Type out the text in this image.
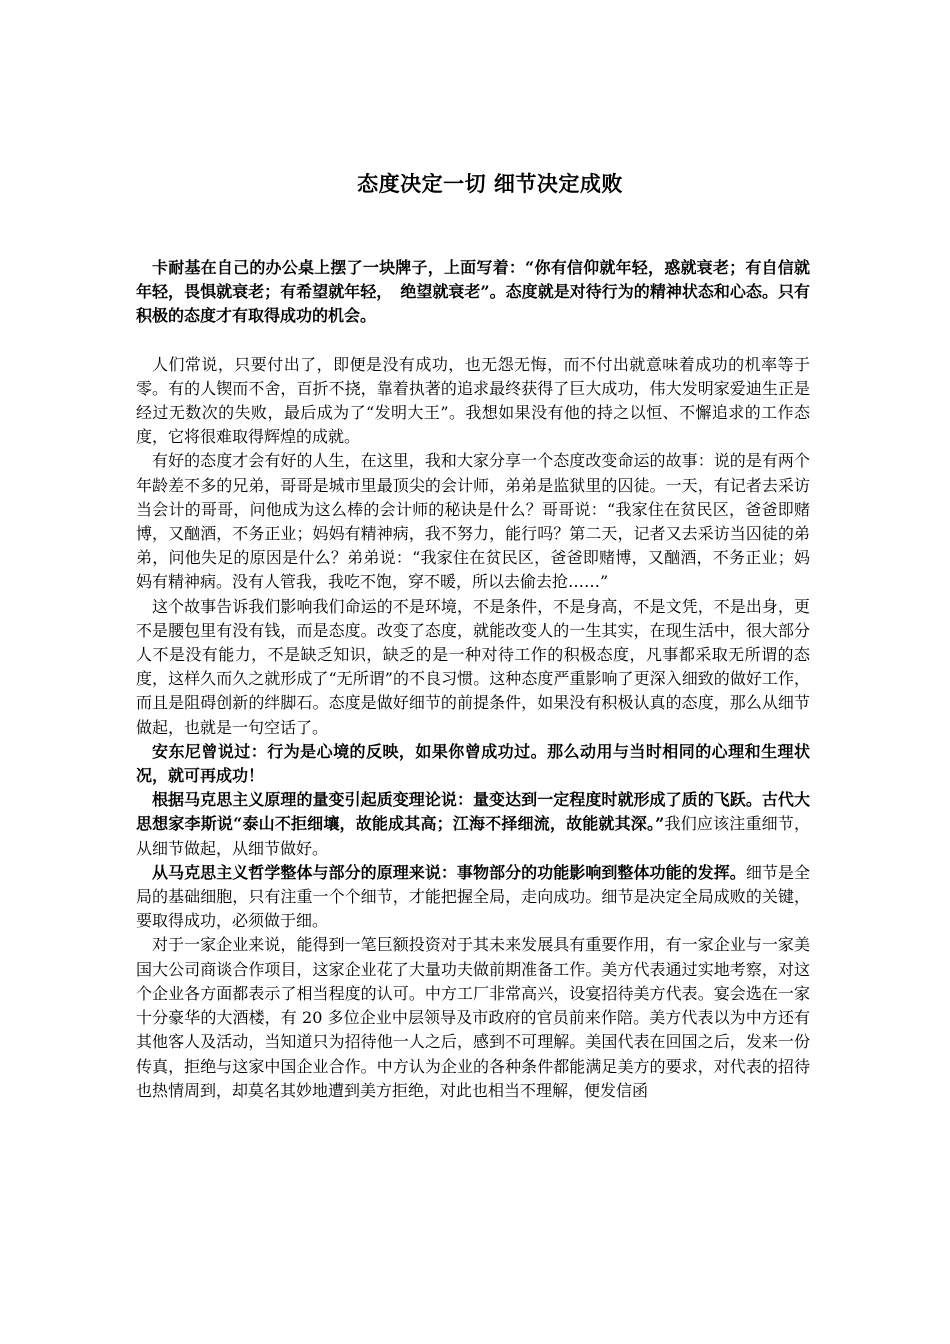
态度决定一切 细节决定成败

卡耐基在自己的办公桌上摆了一块牌子，上面写着：“你有信仰就年轻，惑就衰老；有自信就年轻，畏惧就衰老；有希望就年轻，　绝望就衰老”。态度就是对待行为的精神状态和心态。只有积极的态度才有取得成功的机会。

人们常说，只要付出了，即便是没有成功，也无怨无悔，而不付出就意味着成功的机率等于零。有的人锲而不舍，百折不挠，靠着执著的追求最终获得了巨大成功，伟大发明家爱迪生正是经过无数次的失败，最后成为了“发明大王”。我想如果没有他的持之以恒、不懈追求的工作态度，它将很难取得辉煌的成就。

有好的态度才会有好的人生，在这里，我和大家分享一个态度改变命运的故事：说的是有两个年龄差不多的兄弟，哥哥是城市里最顶尖的会计师，弟弟是监狱里的囚徒。一天，有记者去采访当会计的哥哥，问他成为这么棒的会计师的秘诀是什么？哥哥说：“我家住在贫民区，爸爸即赌博，又酗酒，不务正业；妈妈有精神病，我不努力，能行吗？第二天，记者又去采访当囚徒的弟弟，问他失足的原因是什么？弟弟说：“我家住在贫民区，爸爸即赌博，又酗酒，不务正业；妈妈有精神病。没有人管我，我吃不饱，穿不暖，所以去偷去抢……”

这个故事告诉我们影响我们命运的不是环境，不是条件，不是身高，不是文凭，不是出身，更不是腰包里有没有钱，而是态度。改变了态度，就能改变人的一生其实，在现生活中，很大部分人不是没有能力，不是缺乏知识，缺乏的是一种对待工作的积极态度，凡事都采取无所谓的态度，这样久而久之就形成了“无所谓”的不良习惯。这种态度严重影响了更深入细致的做好工作，而且是阻碍创新的绊脚石。态度是做好细节的前提条件，如果没有积极认真的态度，那么从细节做起，也就是一句空话了。

安东尼曾说过：行为是心境的反映，如果你曾成功过。那么动用与当时相同的心理和生理状况，就可再成功！

根据马克思主义原理的量变引起质变理论说：量变达到一定程度时就形成了质的飞跃。古代大思想家李斯说“泰山不拒细壤，故能成其高；江海不择细流，故能就其深。”我们应该注重细节，从细节做起，从细节做好。

从马克思主义哲学整体与部分的原理来说：事物部分的功能影响到整体功能的发挥。细节是全局的基础细胞，只有注重一个个细节，才能把握全局，走向成功。细节是决定全局成败的关键，要取得成功，必须做于细。

对于一家企业来说，能得到一笔巨额投资对于其未来发展具有重要作用，有一家企业与一家美国大公司商谈合作项目，这家企业花了大量功夫做前期准备工作。美方代表通过实地考察，对这个企业各方面都表示了相当程度的认可。中方工厂非常高兴，设宴招待美方代表。宴会选在一家十分豪华的大酒楼，有 20 多位企业中层领导及市政府的官员前来作陪。美方代表以为中方还有其他客人及活动，当知道只为招待他一人之后，感到不可理解。美国代表在回国之后，发来一份传真，拒绝与这家中国企业合作。中方认为企业的各种条件都能满足美方的要求，对代表的招待也热情周到，却莫名其妙地遭到美方拒绝，对此也相当不理解，便发信函
